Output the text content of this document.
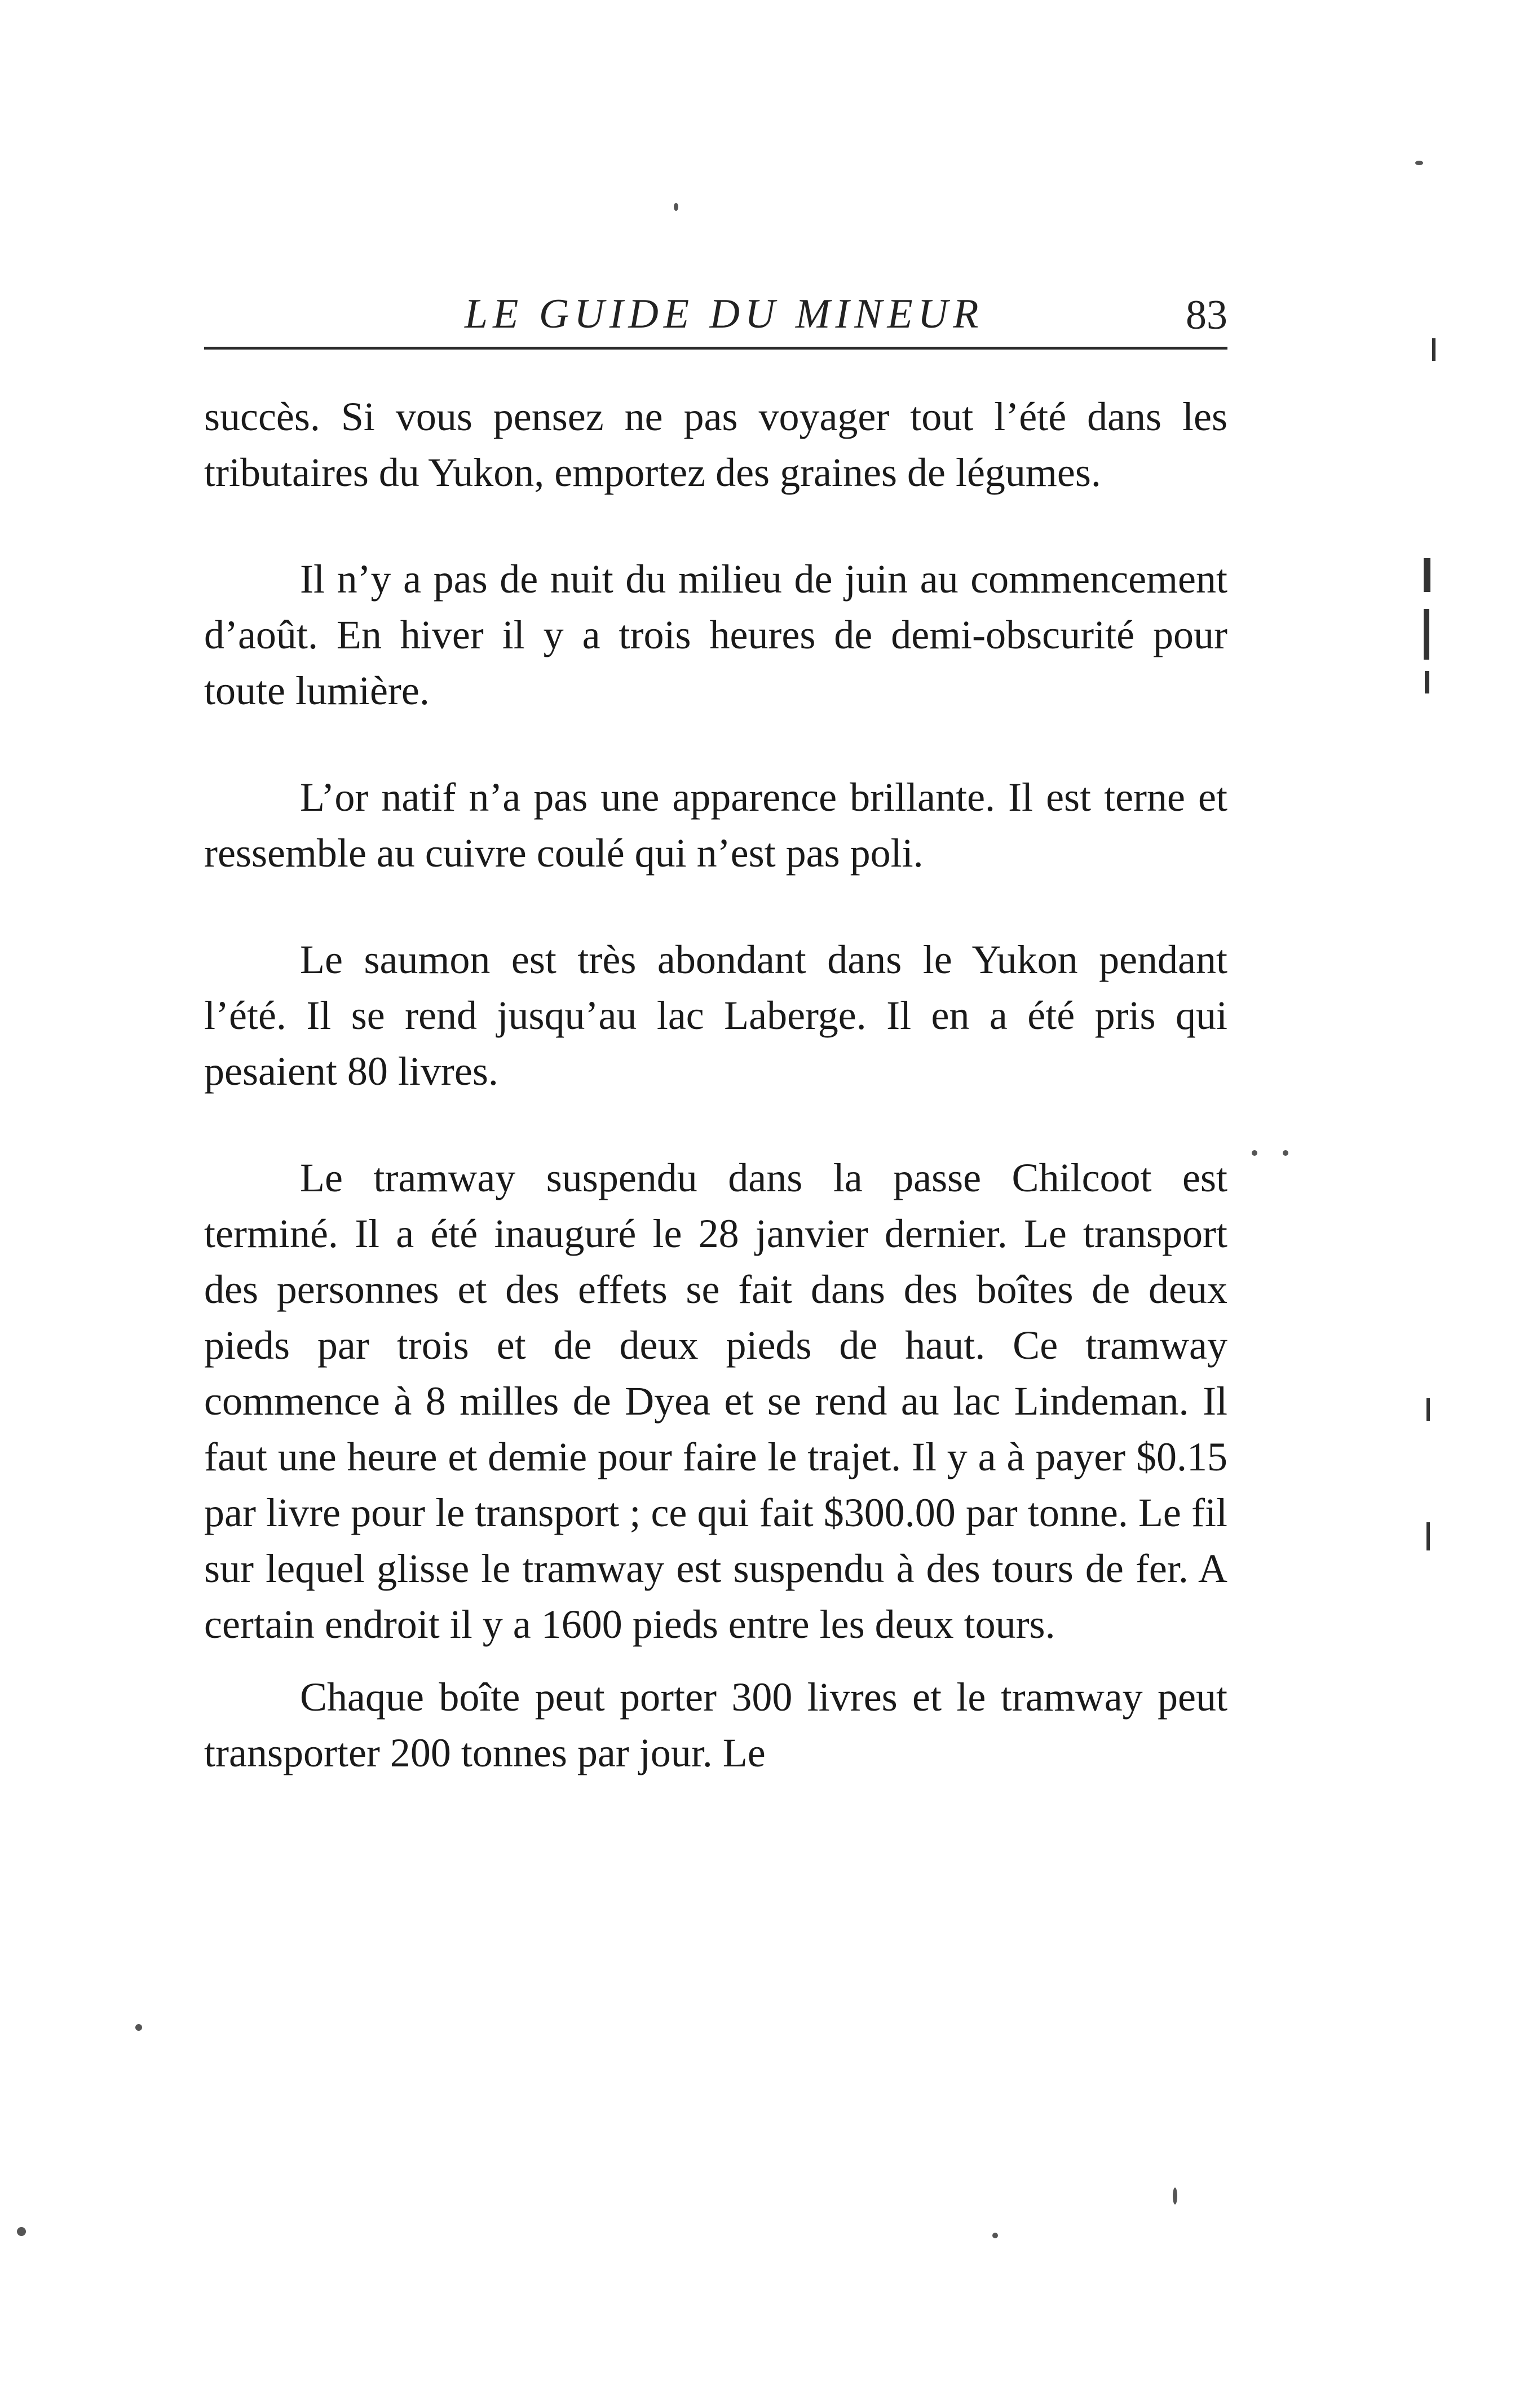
LE GUIDE DU MINEUR	83

succès. Si vous pensez ne pas voyager tout l’été dans les tributaires du Yukon, emportez des graines de légumes.

Il n’y a pas de nuit du milieu de juin au commencement d’août. En hiver il y a trois heures de demi-obscurité pour toute lumière.

L’or natif n’a pas une apparence brillante. Il est terne et ressemble au cuivre coulé qui n’est pas poli.

Le saumon est très abondant dans le Yukon pendant l’été. Il se rend jusqu’au lac Laberge. Il en a été pris qui pesaient 80 livres.

Le tramway suspendu dans la passe Chilcoot est terminé. Il a été inauguré le 28 janvier dernier. Le transport des personnes et des effets se fait dans des boîtes de deux pieds par trois et de deux pieds de haut. Ce tramway commence à 8 milles de Dyea et se rend au lac Lindeman. Il faut une heure et demie pour faire le trajet. Il y a à payer $0.15 par livre pour le transport ; ce qui fait $300.00 par tonne. Le fil sur lequel glisse le tramway est suspendu à des tours de fer. A certain endroit il y a 1600 pieds entre les deux tours.

Chaque boîte peut porter 300 livres et le tramway peut transporter 200 tonnes par jour. Le
